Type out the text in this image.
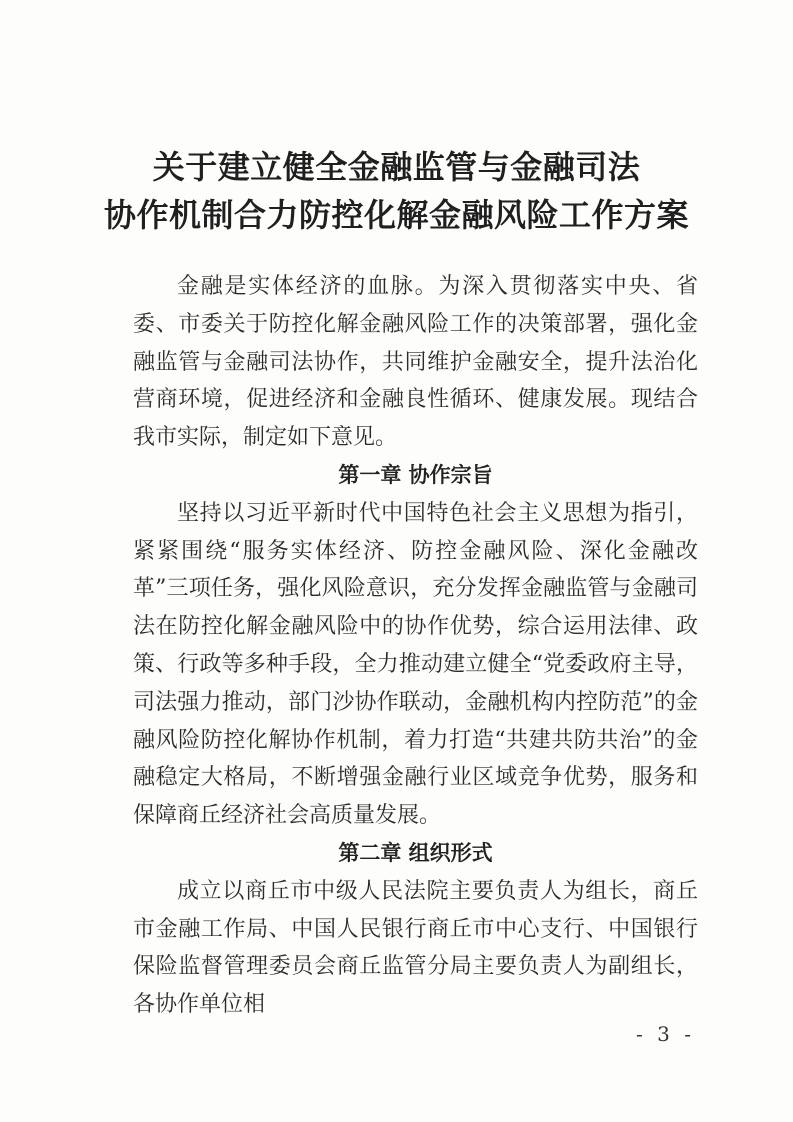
关于建立健全金融监管与金融司法
协作机制合力防控化解金融风险工作方案

金融是实体经济的血脉。为深入贯彻落实中央、省委、市委关于防控化解金融风险工作的决策部署，强化金融监管与金融司法协作，共同维护金融安全，提升法治化营商环境，促进经济和金融良性循环、健康发展。现结合我市实际，制定如下意见。

第一章 协作宗旨

坚持以习近平新时代中国特色社会主义思想为指引，紧紧围绕“服务实体经济、防控金融风险、深化金融改革”三项任务，强化风险意识，充分发挥金融监管与金融司法在防控化解金融风险中的协作优势，综合运用法律、政策、行政等多种手段，全力推动建立健全“党委政府主导，司法强力推动，部门沙协作联动，金融机构内控防范”的金融风险防控化解协作机制，着力打造“共建共防共治”的金融稳定大格局，不断增强金融行业区域竞争优势，服务和保障商丘经济社会高质量发展。

第二章 组织形式

成立以商丘市中级人民法院主要负责人为组长，商丘市金融工作局、中国人民银行商丘市中心支行、中国银行保险监督管理委员会商丘监管分局主要负责人为副组长，各协作单位相

- 3 -
